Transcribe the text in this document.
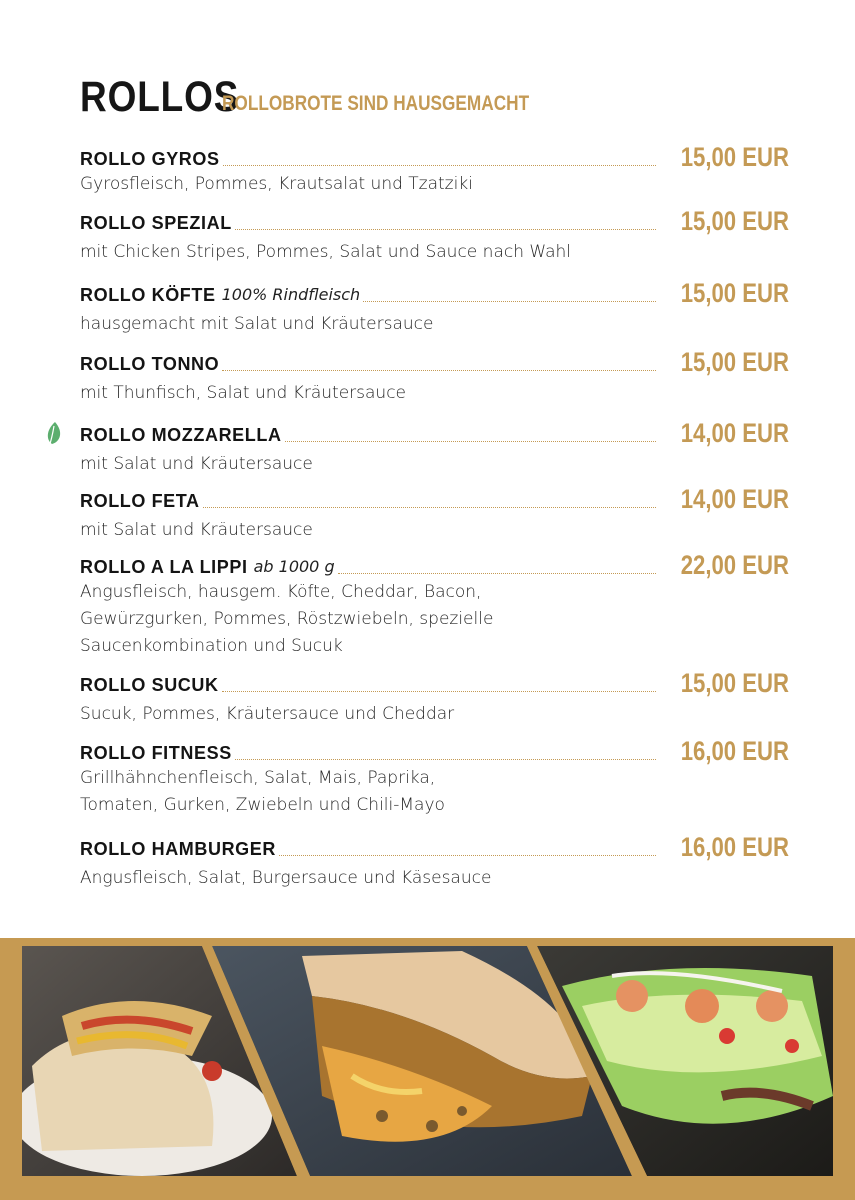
ROLLOS
ROLLOBROTE SIND HAUSGEMACHT
ROLLO GYROS	15,00 EUR
Gyrosfleisch, Pommes, Krautsalat und Tzatziki
ROLLO SPEZIAL	15,00 EUR
mit Chicken Stripes, Pommes, Salat und Sauce nach Wahl
ROLLO KÖFTE 100% Rindfleisch	15,00 EUR
hausgemacht mit Salat und Kräutersauce
ROLLO TONNO	15,00 EUR
mit Thunfisch, Salat und Kräutersauce
ROLLO MOZZARELLA	14,00 EUR
mit Salat und Kräutersauce
ROLLO FETA	14,00 EUR
mit Salat und Kräutersauce
ROLLO A LA LIPPI ab 1000 g	22,00 EUR
Angusfleisch, hausgem. Köfte, Cheddar, Bacon, Gewürzgurken, Pommes, Röstzwiebeln, spezielle Saucenkombination und Sucuk
ROLLO SUCUK	15,00 EUR
Sucuk, Pommes, Kräutersauce und Cheddar
ROLLO FITNESS	16,00 EUR
Grillhähnchenfleisch, Salat, Mais, Paprika, Tomaten, Gurken, Zwiebeln und Chili-Mayo
ROLLO HAMBURGER	16,00 EUR
Angusfleisch, Salat, Burgersauce und Käsesauce
